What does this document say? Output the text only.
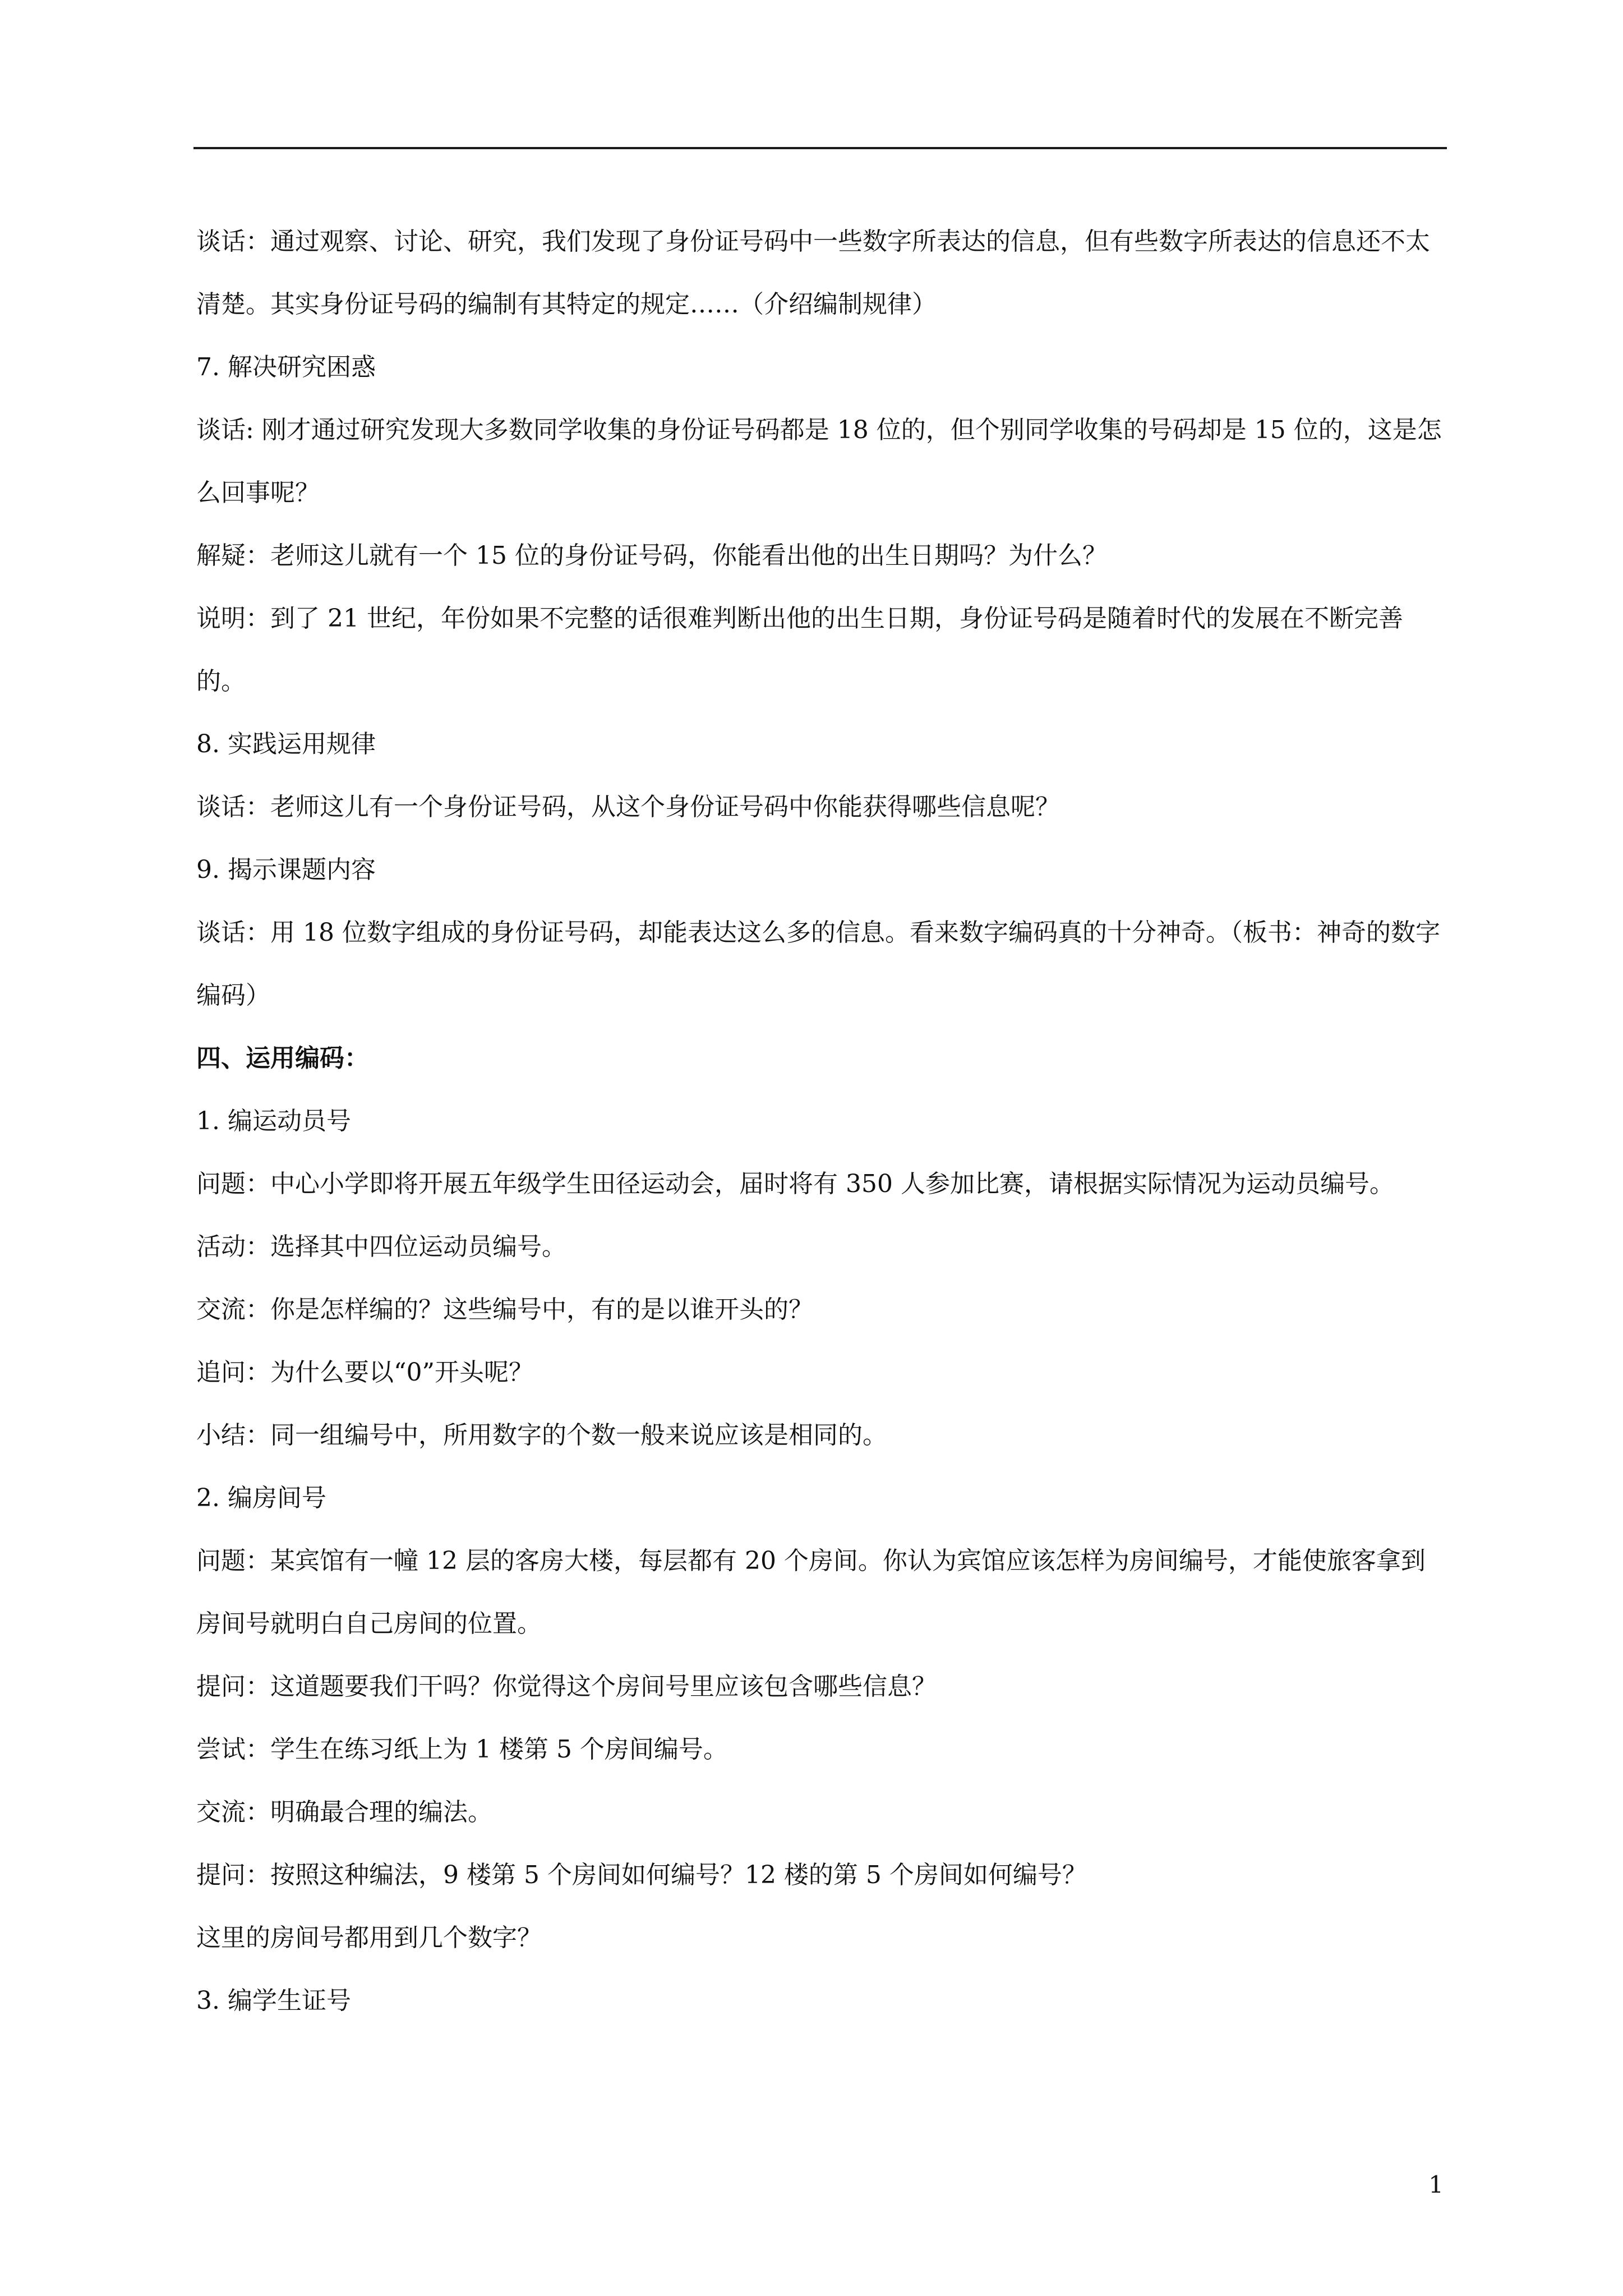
谈话：通过观察、讨论、研究，我们发现了身份证号码中一些数字所表达的信息，但有些数字所表达的信息还不太清楚。其实身份证号码的编制有其特定的规定……（介绍编制规律）

7. 解决研究困惑

谈话: 刚才通过研究发现大多数同学收集的身份证号码都是 18 位的，但个别同学收集的号码却是 15 位的，这是怎么回事呢？

解疑：老师这儿就有一个 15 位的身份证号码，你能看出他的出生日期吗？为什么？

说明：到了 21 世纪，年份如果不完整的话很难判断出他的出生日期，身份证号码是随着时代的发展在不断完善的。

8. 实践运用规律

谈话：老师这儿有一个身份证号码，从这个身份证号码中你能获得哪些信息呢？

9. 揭示课题内容

谈话：用 18 位数字组成的身份证号码，却能表达这么多的信息。看来数字编码真的十分神奇。（板书：神奇的数字编码）

四、运用编码：

1. 编运动员号

问题：中心小学即将开展五年级学生田径运动会，届时将有 350 人参加比赛，请根据实际情况为运动员编号。

活动：选择其中四位运动员编号。

交流：你是怎样编的？这些编号中，有的是以谁开头的？

追问：为什么要以“0”开头呢？

小结：同一组编号中，所用数字的个数一般来说应该是相同的。

2. 编房间号

问题：某宾馆有一幢 12 层的客房大楼，每层都有 20 个房间。你认为宾馆应该怎样为房间编号，才能使旅客拿到房间号就明白自己房间的位置。

提问：这道题要我们干吗？你觉得这个房间号里应该包含哪些信息？

尝试：学生在练习纸上为 1 楼第 5 个房间编号。

交流：明确最合理的编法。

提问：按照这种编法，9 楼第 5 个房间如何编号？12 楼的第 5 个房间如何编号？

这里的房间号都用到几个数字？

3. 编学生证号

1
